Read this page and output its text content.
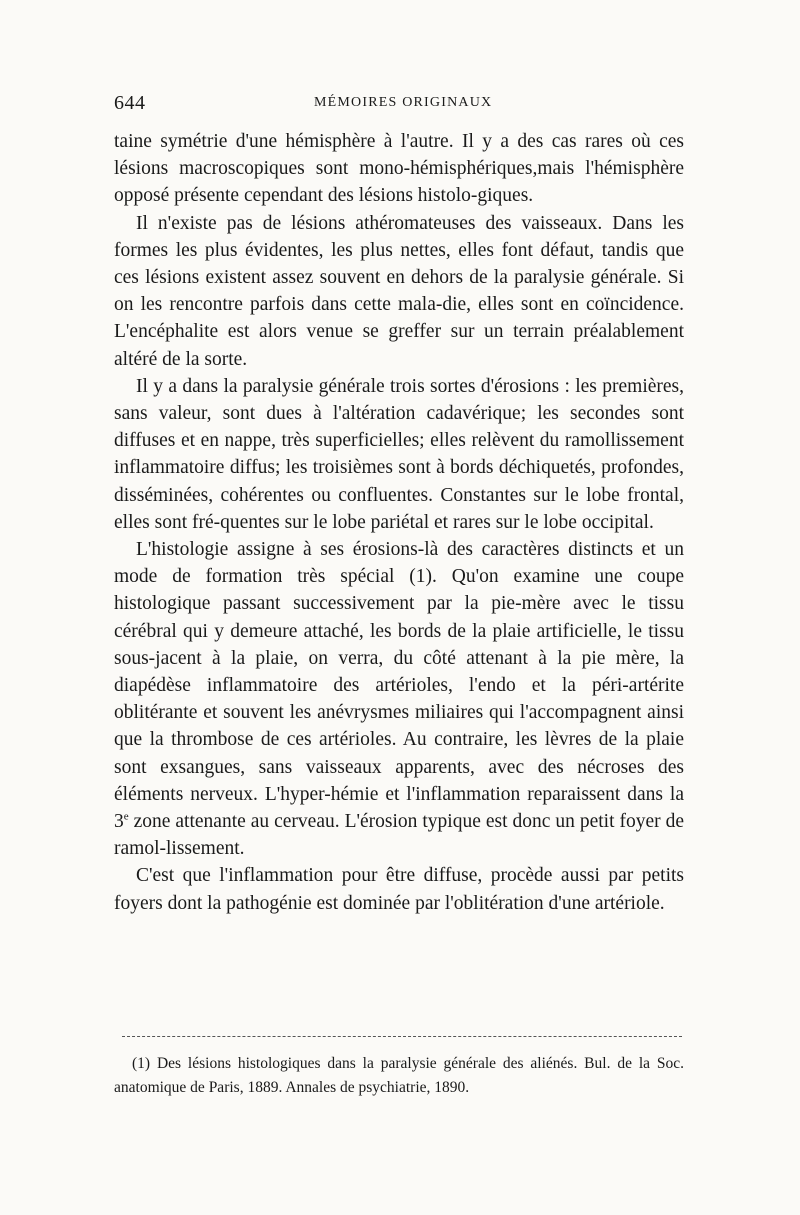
644	MÉMOIRES ORIGINAUX

taine symétrie d'une hémisphère à l'autre. Il y a des cas rares où ces lésions macroscopiques sont mono-hémisphériques,mais l'hémisphère opposé présente cependant des lésions histolo-giques.

Il n'existe pas de lésions athéromateuses des vaisseaux. Dans les formes les plus évidentes, les plus nettes, elles font défaut, tandis que ces lésions existent assez souvent en dehors de la paralysie générale. Si on les rencontre parfois dans cette mala-die, elles sont en coïncidence. L'encéphalite est alors venue se greffer sur un terrain préalablement altéré de la sorte.

Il y a dans la paralysie générale trois sortes d'érosions : les premières, sans valeur, sont dues à l'altération cadavérique; les secondes sont diffuses et en nappe, très superficielles; elles relèvent du ramollissement inflammatoire diffus; les troisièmes sont à bords déchiquetés, profondes, disséminées, cohérentes ou confluentes. Constantes sur le lobe frontal, elles sont fré-quentes sur le lobe pariétal et rares sur le lobe occipital.

L'histologie assigne à ses érosions-là des caractères distincts et un mode de formation très spécial (1). Qu'on examine une coupe histologique passant successivement par la pie-mère avec le tissu cérébral qui y demeure attaché, les bords de la plaie artificielle, le tissu sous-jacent à la plaie, on verra, du côté attenant à la pie mère, la diapédèse inflammatoire des artérioles, l'endo et la péri-artérite oblitérante et souvent les anévrysmes miliaires qui l'accompagnent ainsi que la thrombose de ces artérioles. Au contraire, les lèvres de la plaie sont exsangues, sans vaisseaux apparents, avec des nécroses des éléments nerveux. L'hyper-hémie et l'inflammation reparaissent dans la 3e zone attenante au cerveau. L'érosion typique est donc un petit foyer de ramol-lissement.

C'est que l'inflammation pour être diffuse, procède aussi par petits foyers dont la pathogénie est dominée par l'oblitération d'une artériole.

(1) Des lésions histologiques dans la paralysie générale des aliénés. Bul. de la Soc. anatomique de Paris, 1889. Annales de psychiatrie, 1890.
